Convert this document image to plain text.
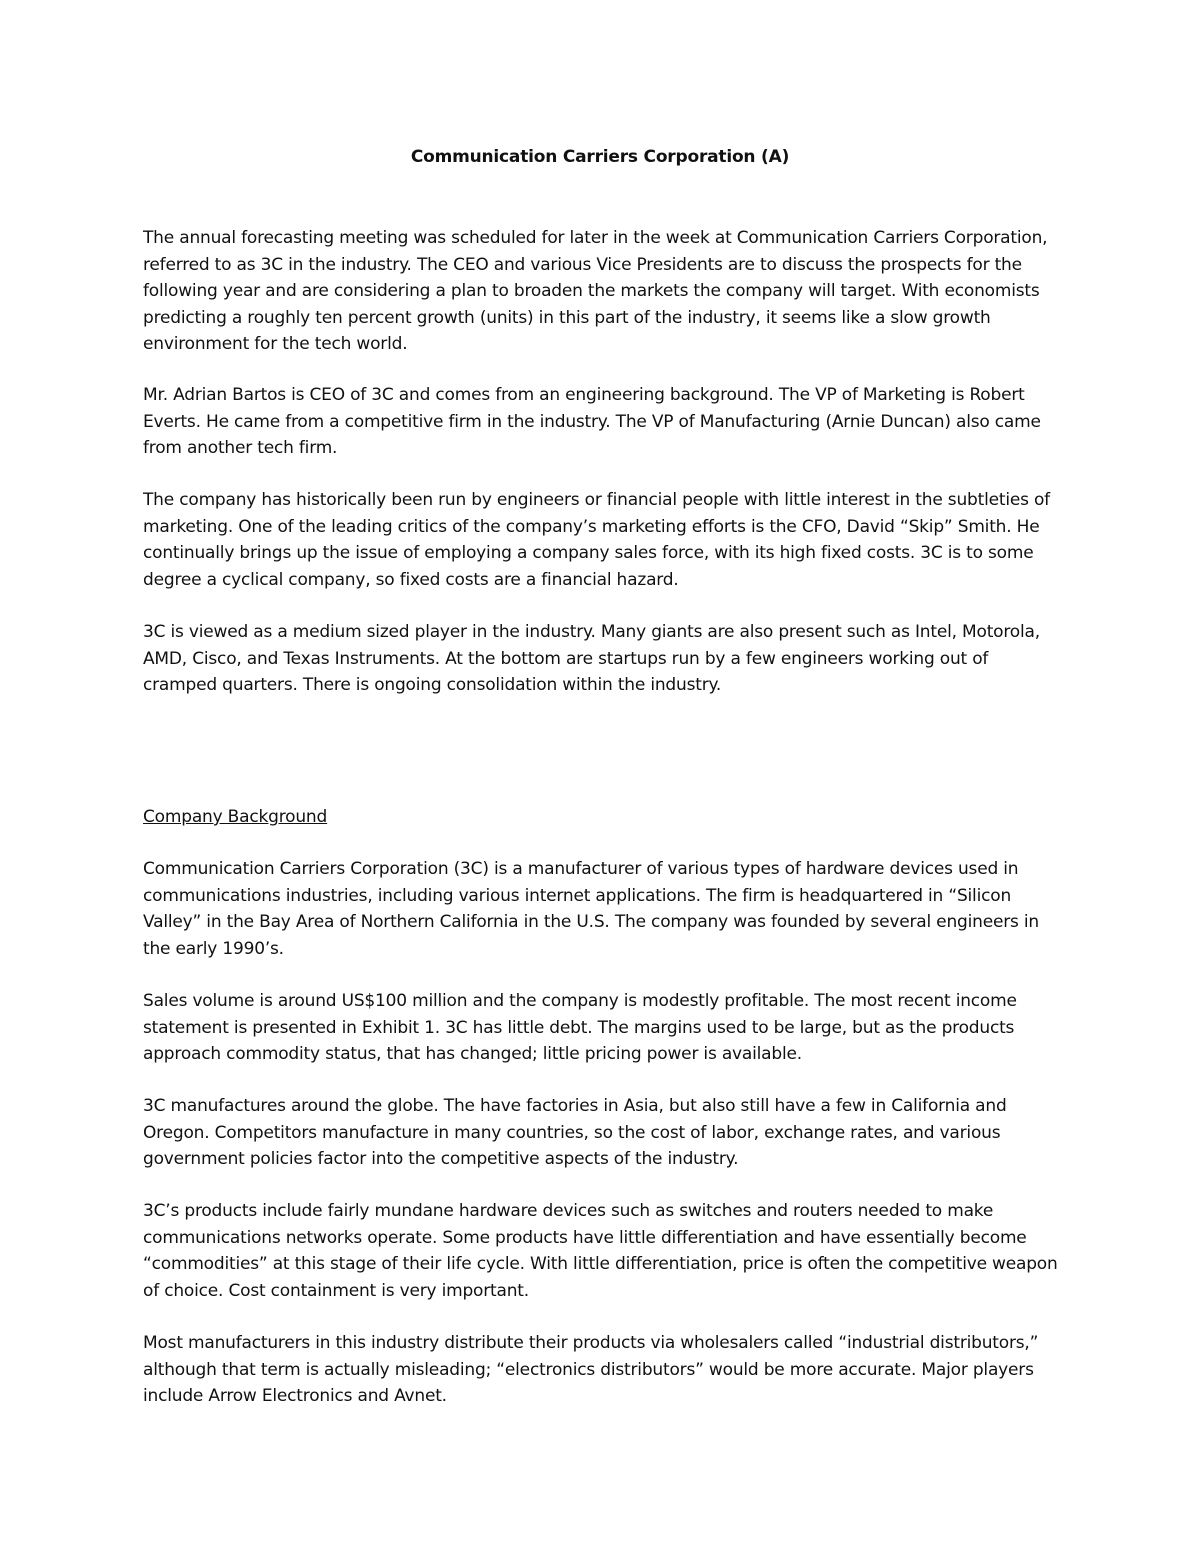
Communication Carriers Corporation (A)

The annual forecasting meeting was scheduled for later in the week at Communication Carriers Corporation, referred to as 3C in the industry. The CEO and various Vice Presidents are to discuss the prospects for the following year and are considering a plan to broaden the markets the company will target. With economists predicting a roughly ten percent growth (units) in this part of the industry, it seems like a slow growth environment for the tech world.

Mr. Adrian Bartos is CEO of 3C and comes from an engineering background. The VP of Marketing is Robert Everts. He came from a competitive firm in the industry. The VP of Manufacturing (Arnie Duncan) also came from another tech firm.

The company has historically been run by engineers or financial people with little interest in the subtleties of marketing. One of the leading critics of the company’s marketing efforts is the CFO, David “Skip” Smith. He continually brings up the issue of employing a company sales force, with its high fixed costs. 3C is to some degree a cyclical company, so fixed costs are a financial hazard.

3C is viewed as a medium sized player in the industry. Many giants are also present such as Intel, Motorola, AMD, Cisco, and Texas Instruments. At the bottom are startups run by a few engineers working out of cramped quarters. There is ongoing consolidation within the industry.

Company Background

Communication Carriers Corporation (3C) is a manufacturer of various types of hardware devices used in communications industries, including various internet applications. The firm is headquartered in “Silicon Valley” in the Bay Area of Northern California in the U.S. The company was founded by several engineers in the early 1990’s.

Sales volume is around US$100 million and the company is modestly profitable. The most recent income statement is presented in Exhibit 1. 3C has little debt. The margins used to be large, but as the products approach commodity status, that has changed; little pricing power is available.

3C manufactures around the globe. The have factories in Asia, but also still have a few in California and Oregon. Competitors manufacture in many countries, so the cost of labor, exchange rates, and various government policies factor into the competitive aspects of the industry.

3C’s products include fairly mundane hardware devices such as switches and routers needed to make communications networks operate. Some products have little differentiation and have essentially become “commodities” at this stage of their life cycle. With little differentiation, price is often the competitive weapon of choice. Cost containment is very important.

Most manufacturers in this industry distribute their products via wholesalers called “industrial distributors,” although that term is actually misleading; “electronics distributors” would be more accurate. Major players include Arrow Electronics and Avnet.
